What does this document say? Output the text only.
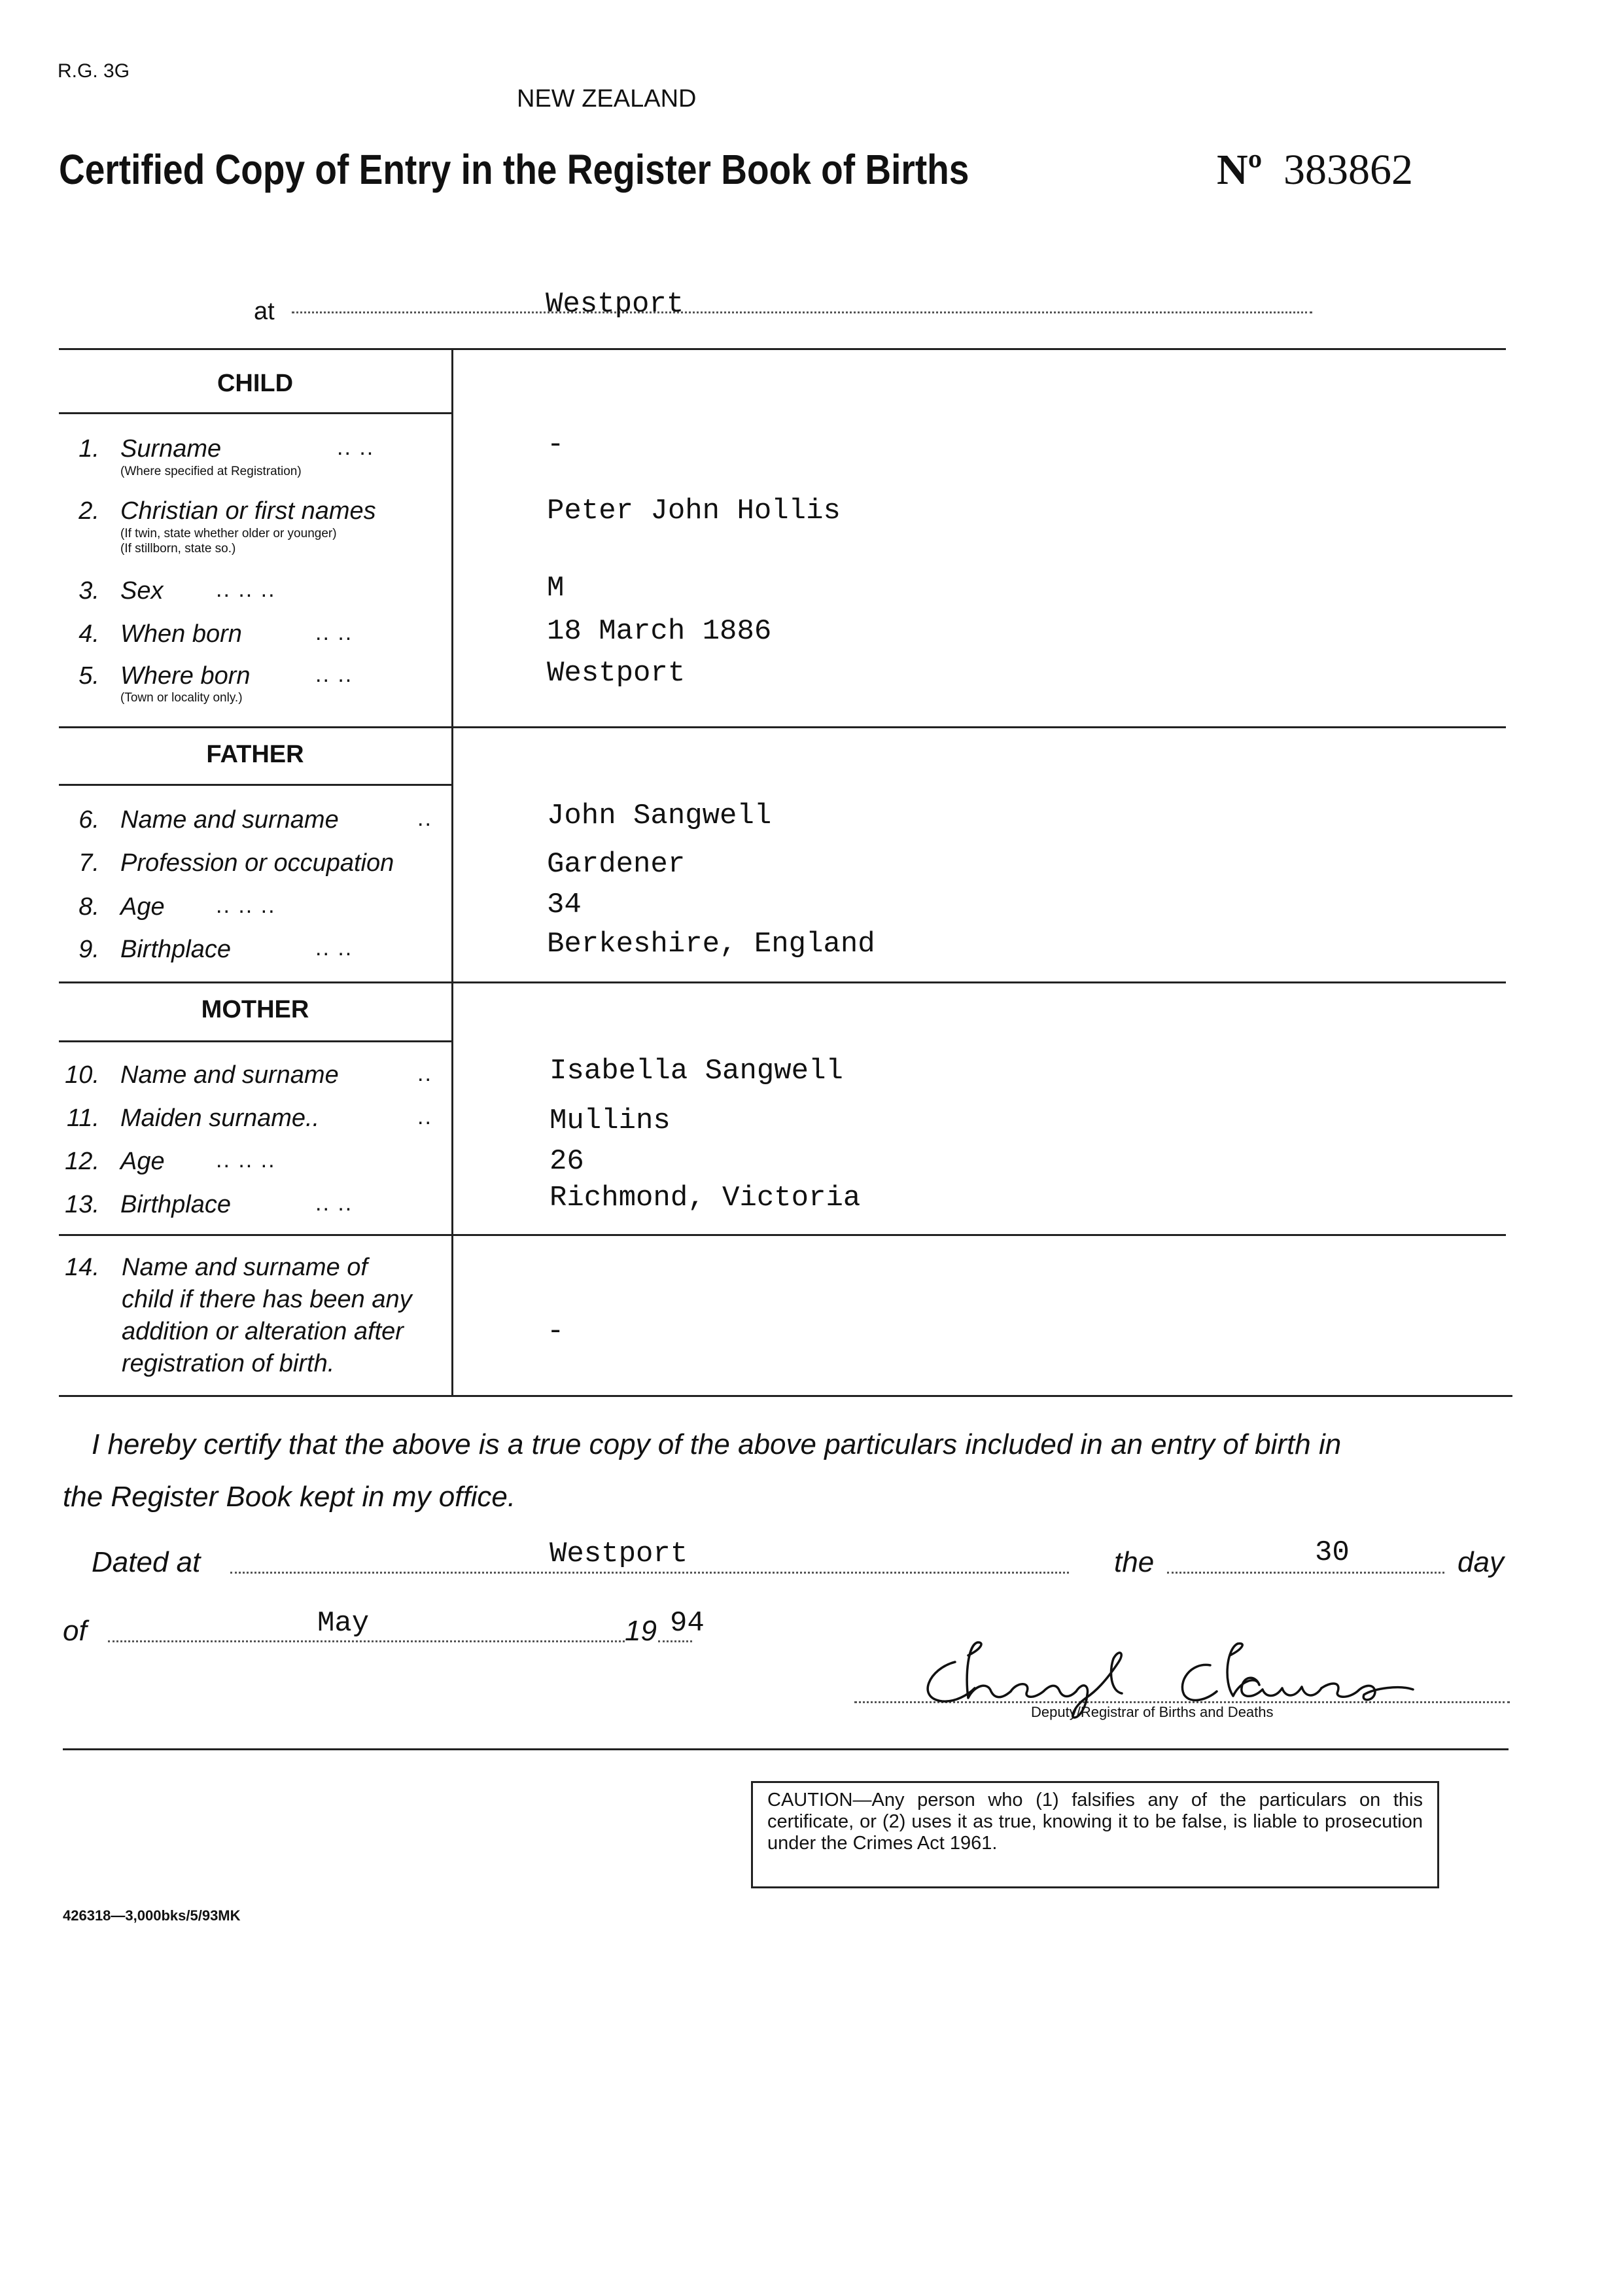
R.G. 3G
NEW ZEALAND
Certified Copy of Entry in the Register Book of Births	Nº 383862
at	Westport
CHILD
1. Surname	.. ..
(Where specified at Registration)
-
2. Christian or first names
(If twin, state whether older or younger)
(If stillborn, state so.)
Peter John Hollis
3. Sex .. .. ..	M
4. When born	.. ..	18 March 1886
5. Where born	.. ..
(Town or locality only.)
Westport
FATHER
6. Name and surname	..	John Sangwell
7. Profession or occupation	Gardener
8. Age .. .. ..	34
9. Birthplace	.. ..	Berkeshire, England
MOTHER
10. Name and surname	..	Isabella Sangwell
11. Maiden surname..	..	Mullins
12. Age .. .. ..	26
13. Birthplace	.. ..	Richmond, Victoria
14. Name and surname of
child if there has been any
addition or alteration after
registration of birth.
-
I hereby certify that the above is a true copy of the above particulars included in an entry of birth in
the Register Book kept in my office.
Dated at	Westport	the	30	day
of	May	19 94
Deputy/Registrar of Births and Deaths
CAUTION—Any person who (1) falsifies any of the particulars on this certificate, or (2) uses it as true, knowing it to be false, is liable to prosecution under the Crimes Act 1961.
426318—3,000bks/5/93MK
